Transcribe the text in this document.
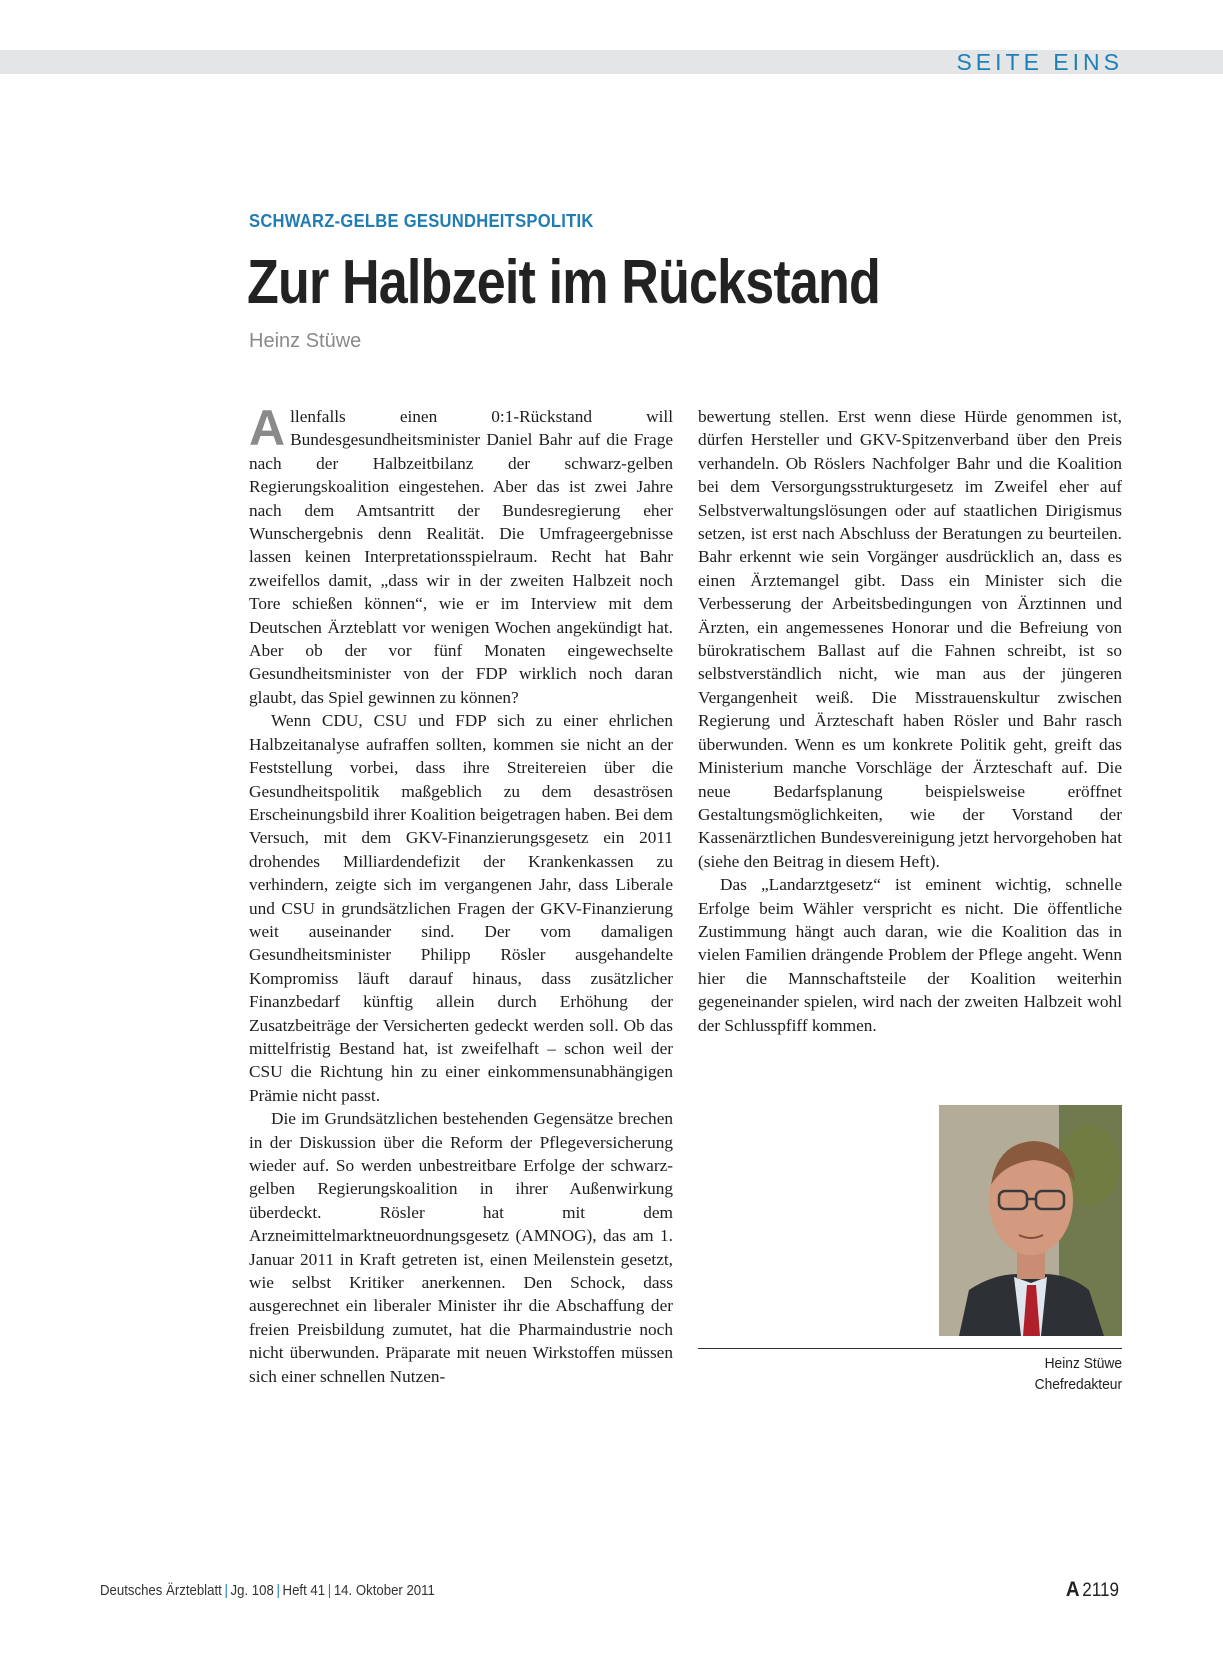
SEITE EINS
SCHWARZ-GELBE GESUNDHEITSPOLITIK
Zur Halbzeit im Rückstand
Heinz Stüwe

Allenfalls einen 0:1-Rückstand will Bundesgesundheitsminister Daniel Bahr auf die Frage nach der Halbzeitbilanz der schwarz-gelben Regierungskoalition eingestehen. Aber das ist zwei Jahre nach dem Amtsantritt der Bundesregierung eher Wunschergebnis denn Realität. Die Umfrageergebnisse lassen keinen Interpretationsspielraum. Recht hat Bahr zweifellos damit, „dass wir in der zweiten Halbzeit noch Tore schießen können“, wie er im Interview mit dem Deutschen Ärzteblatt vor wenigen Wochen angekündigt hat. Aber ob der vor fünf Monaten eingewechselte Gesundheitsminister von der FDP wirklich noch daran glaubt, das Spiel gewinnen zu können?

Wenn CDU, CSU und FDP sich zu einer ehrlichen Halbzeitanalyse aufraffen sollten, kommen sie nicht an der Feststellung vorbei, dass ihre Streitereien über die Gesundheitspolitik maßgeblich zu dem desaströsen Erscheinungsbild ihrer Koalition beigetragen haben. Bei dem Versuch, mit dem GKV-Finanzierungsgesetz ein 2011 drohendes Milliardendefizit der Krankenkassen zu verhindern, zeigte sich im vergangenen Jahr, dass Liberale und CSU in grundsätzlichen Fragen der GKV-Finanzierung weit auseinander sind. Der vom damaligen Gesundheitsminister Philipp Rösler ausgehandelte Kompromiss läuft darauf hinaus, dass zusätzlicher Finanzbedarf künftig allein durch Erhöhung der Zusatzbeiträge der Versicherten gedeckt werden soll. Ob das mittelfristig Bestand hat, ist zweifelhaft – schon weil der CSU die Richtung hin zu einer einkommensunabhängigen Prämie nicht passt.

Die im Grundsätzlichen bestehenden Gegensätze brechen in der Diskussion über die Reform der Pflegeversicherung wieder auf. So werden unbestreitbare Erfolge der schwarz-gelben Regierungskoalition in ihrer Außenwirkung überdeckt. Rösler hat mit dem Arzneimittelmarktneuordnungsgesetz (AMNOG), das am 1. Januar 2011 in Kraft getreten ist, einen Meilenstein gesetzt, wie selbst Kritiker anerkennen. Den Schock, dass ausgerechnet ein liberaler Minister ihr die Abschaffung der freien Preisbildung zumutet, hat die Pharmaindustrie noch nicht überwunden. Präparate mit neuen Wirkstoffen müssen sich einer schnellen Nutzen-

bewertung stellen. Erst wenn diese Hürde genommen ist, dürfen Hersteller und GKV-Spitzenverband über den Preis verhandeln. Ob Röslers Nachfolger Bahr und die Koalition bei dem Versorgungsstrukturgesetz im Zweifel eher auf Selbstverwaltungslösungen oder auf staatlichen Dirigismus setzen, ist erst nach Abschluss der Beratungen zu beurteilen. Bahr erkennt wie sein Vorgänger ausdrücklich an, dass es einen Ärztemangel gibt. Dass ein Minister sich die Verbesserung der Arbeitsbedingungen von Ärztinnen und Ärzten, ein angemessenes Honorar und die Befreiung von bürokratischem Ballast auf die Fahnen schreibt, ist so selbstverständlich nicht, wie man aus der jüngeren Vergangenheit weiß. Die Misstrauenskultur zwischen Regierung und Ärzteschaft haben Rösler und Bahr rasch überwunden. Wenn es um konkrete Politik geht, greift das Ministerium manche Vorschläge der Ärzteschaft auf. Die neue Bedarfsplanung beispielsweise eröffnet Gestaltungsmöglichkeiten, wie der Vorstand der Kassenärztlichen Bundesvereinigung jetzt hervorgehoben hat (siehe den Beitrag in diesem Heft).

Das „Landarztgesetz“ ist eminent wichtig, schnelle Erfolge beim Wähler verspricht es nicht. Die öffentliche Zustimmung hängt auch daran, wie die Koalition das in vielen Familien drängende Problem der Pflege angeht. Wenn hier die Mannschaftsteile der Koalition weiterhin gegeneinander spielen, wird nach der zweiten Halbzeit wohl der Schlusspfiff kommen.

Heinz Stüwe
Chefredakteur
Deutsches Ärzteblatt | Jg. 108 | Heft 41 | 14. Oktober 2011	A 2119
